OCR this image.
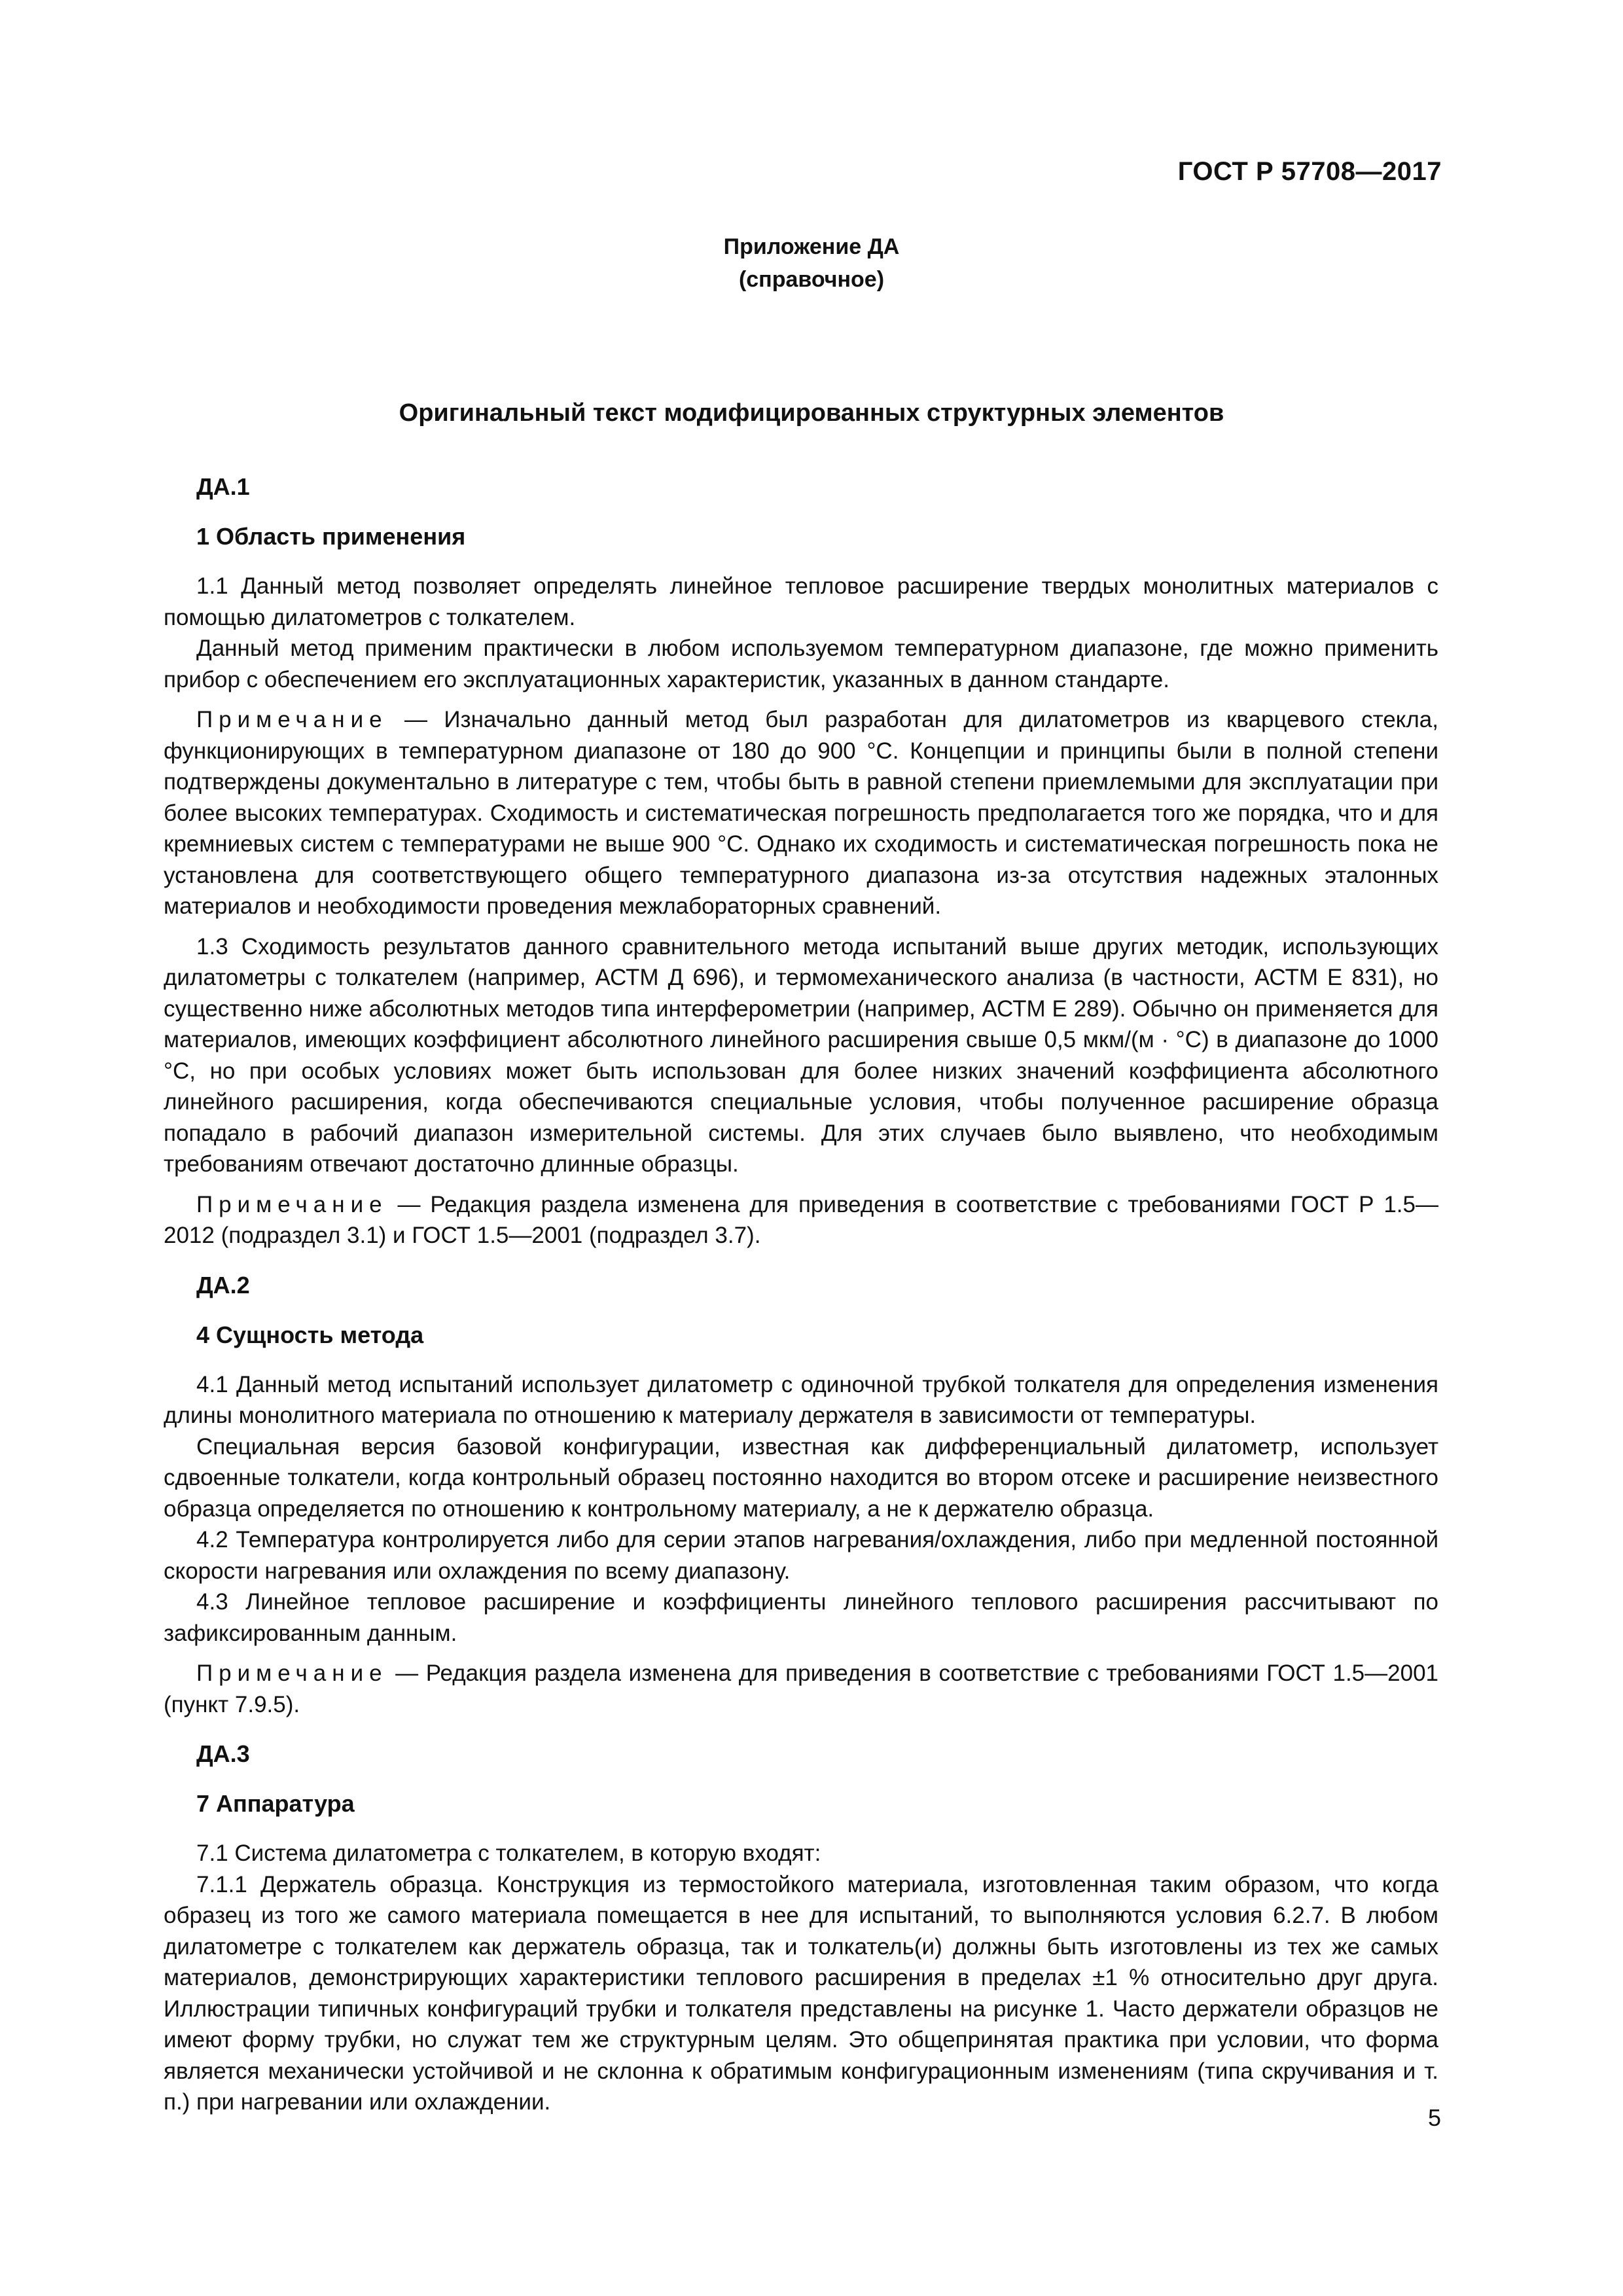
ГОСТ Р 57708—2017
Приложение ДА
(справочное)
Оригинальный текст модифицированных структурных элементов
ДА.1
1 Область применения

1.1 Данный метод позволяет определять линейное тепловое расширение твердых монолитных материалов с помощью дилатометров с толкателем.

Данный метод применим практически в любом используемом температурном диапазоне, где можно применить прибор с обеспечением его эксплуатационных характеристик, указанных в данном стандарте.

Примечание — Изначально данный метод был разработан для дилатометров из кварцевого стекла, функционирующих в температурном диапазоне от 180 до 900 °С. Концепции и принципы были в полной степени подтверждены документально в литературе с тем, чтобы быть в равной степени приемлемыми для эксплуатации при более высоких температурах. Сходимость и систематическая погрешность предполагается того же порядка, что и для кремниевых систем с температурами не выше 900 °С. Однако их сходимость и систематическая погрешность пока не установлена для соответствующего общего температурного диапазона из-за отсутствия надежных эталонных материалов и необходимости проведения межлабораторных сравнений.

1.3 Сходимость результатов данного сравнительного метода испытаний выше других методик, использующих дилатометры с толкателем (например, АСТМ Д 696), и термомеханического анализа (в частности, АСТМ Е 831), но существенно ниже абсолютных методов типа интерферометрии (например, АСТМ Е 289). Обычно он применяется для материалов, имеющих коэффициент абсолютного линейного расширения свыше 0,5 мкм/(м · °С) в диапазоне до 1000 °С, но при особых условиях может быть использован для более низких значений коэффициента абсолютного линейного расширения, когда обеспечиваются специальные условия, чтобы полученное расширение образца попадало в рабочий диапазон измерительной системы. Для этих случаев было выявлено, что необходимым требованиям отвечают достаточно длинные образцы.

Примечание — Редакция раздела изменена для приведения в соответствие с требованиями ГОСТ Р 1.5—2012 (подраздел 3.1) и ГОСТ 1.5—2001 (подраздел 3.7).

ДА.2
4 Сущность метода

4.1 Данный метод испытаний использует дилатометр с одиночной трубкой толкателя для определения изменения длины монолитного материала по отношению к материалу держателя в зависимости от температуры.

Специальная версия базовой конфигурации, известная как дифференциальный дилатометр, использует сдвоенные толкатели, когда контрольный образец постоянно находится во втором отсеке и расширение неизвестного образца определяется по отношению к контрольному материалу, а не к держателю образца.

4.2 Температура контролируется либо для серии этапов нагревания/охлаждения, либо при медленной постоянной скорости нагревания или охлаждения по всему диапазону.

4.3 Линейное тепловое расширение и коэффициенты линейного теплового расширения рассчитывают по зафиксированным данным.

Примечание — Редакция раздела изменена для приведения в соответствие с требованиями ГОСТ 1.5—2001 (пункт 7.9.5).

ДА.3
7 Аппаратура

7.1 Система дилатометра с толкателем, в которую входят:

7.1.1 Держатель образца. Конструкция из термостойкого материала, изготовленная таким образом, что когда образец из того же самого материала помещается в нее для испытаний, то выполняются условия 6.2.7. В любом дилатометре с толкателем как держатель образца, так и толкатель(и) должны быть изготовлены из тех же самых материалов, демонстрирующих характеристики теплового расширения в пределах ±1 % относительно друг друга. Иллюстрации типичных конфигураций трубки и толкателя представлены на рисунке 1. Часто держатели образцов не имеют форму трубки, но служат тем же структурным целям. Это общепринятая практика при условии, что форма является механически устойчивой и не склонна к обратимым конфигурационным изменениям (типа скручивания и т. п.) при нагревании или охлаждении.

5
